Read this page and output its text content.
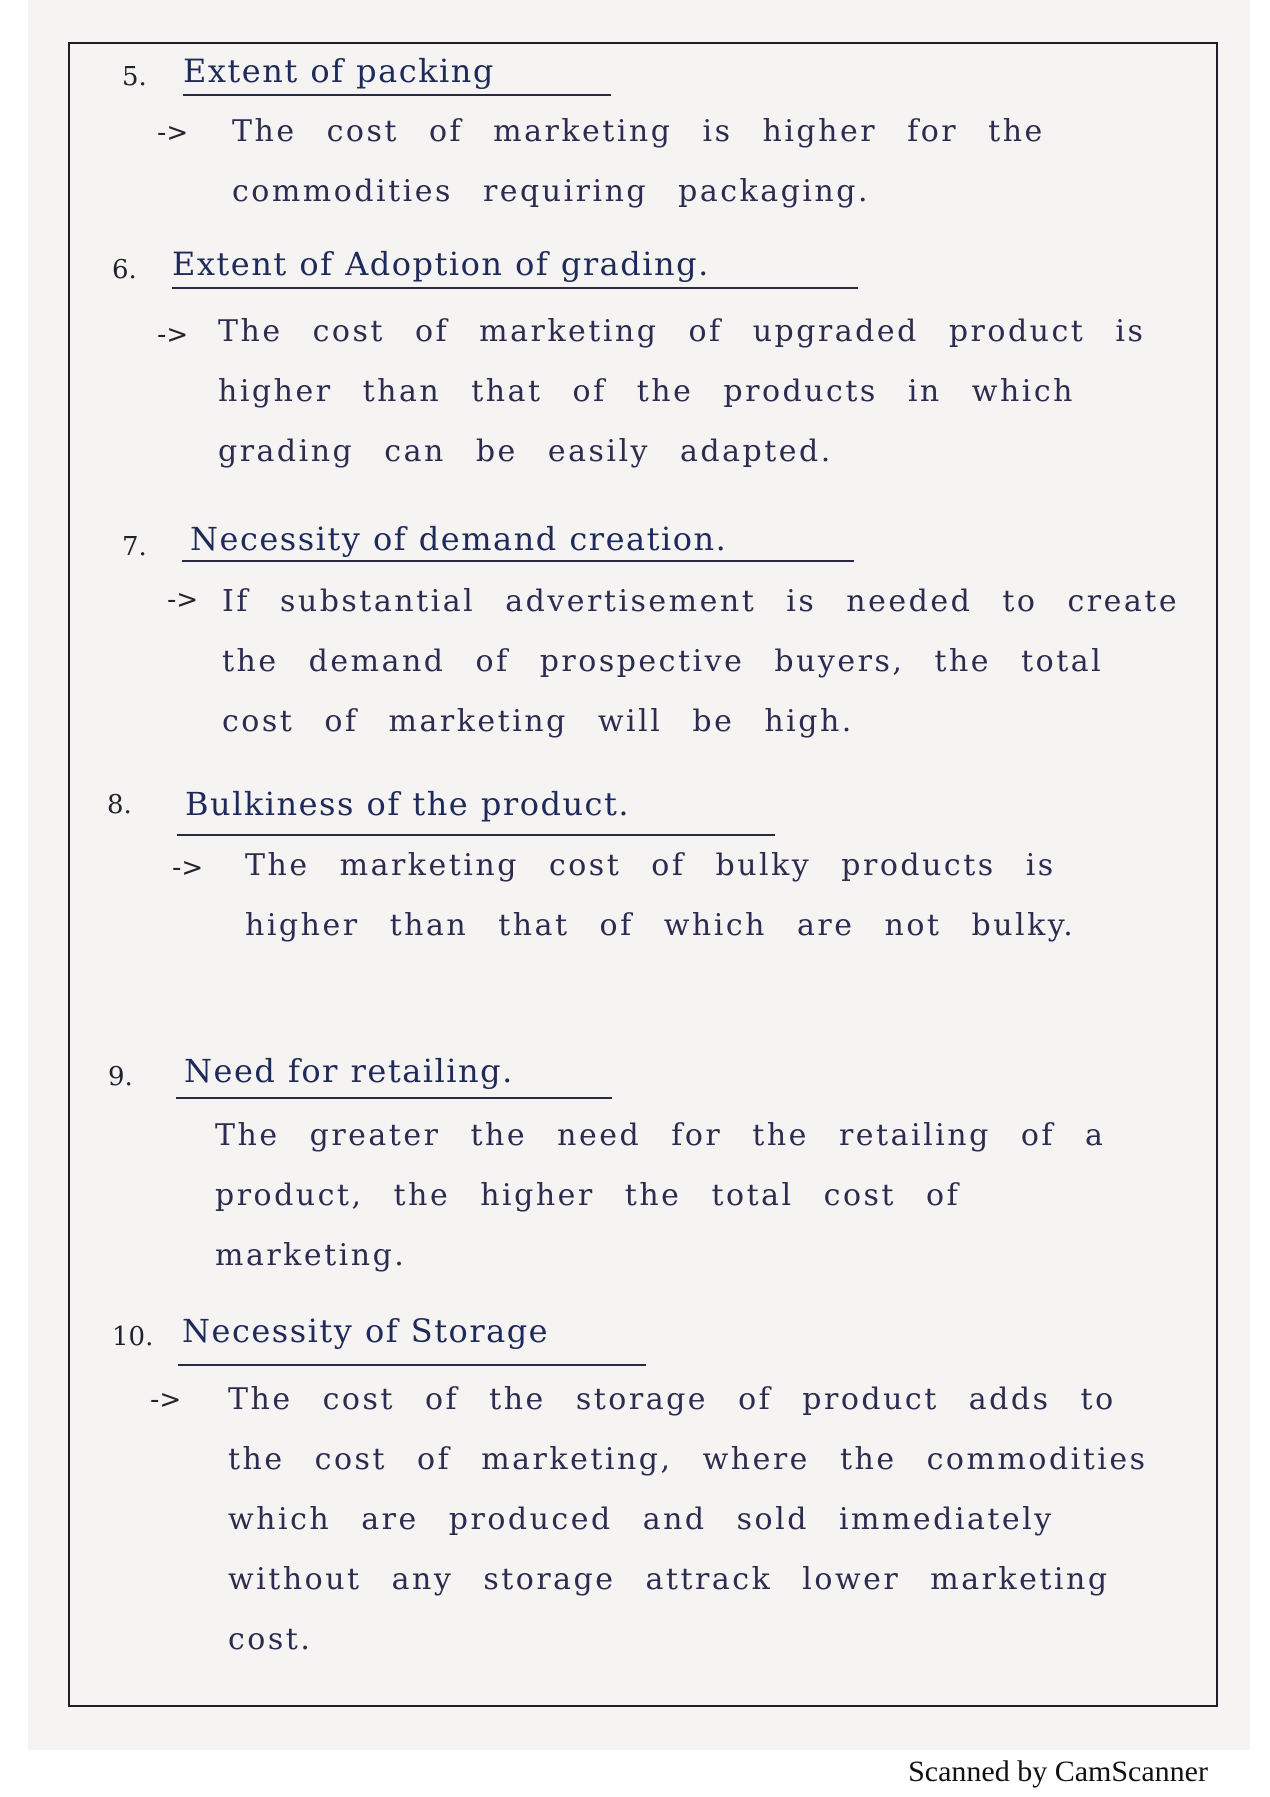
5. Extent of packing
-> The cost of marketing is higher for the commodities requiring packaging.
6. Extent of Adoption of grading.
-> The cost of marketing of upgraded product is higher than that of the products in which grading can be easily adapted.
7. Necessity of demand creation.
-> If substantial advertisement is needed to create the demand of prospective buyers, the total cost of marketing will be high.
8. Bulkiness of the product.
-> The marketing cost of bulky products is higher than that of which are not bulky.
9. Need for retailing.
The greater the need for the retailing of a product, the higher the total cost of marketing.
10. Necessity of Storage
-> The cost of the storage of product adds to the cost of marketing, where the commodities which are produced and sold immediately without any storage attrack lower marketing cost.
Scanned by CamScanner
